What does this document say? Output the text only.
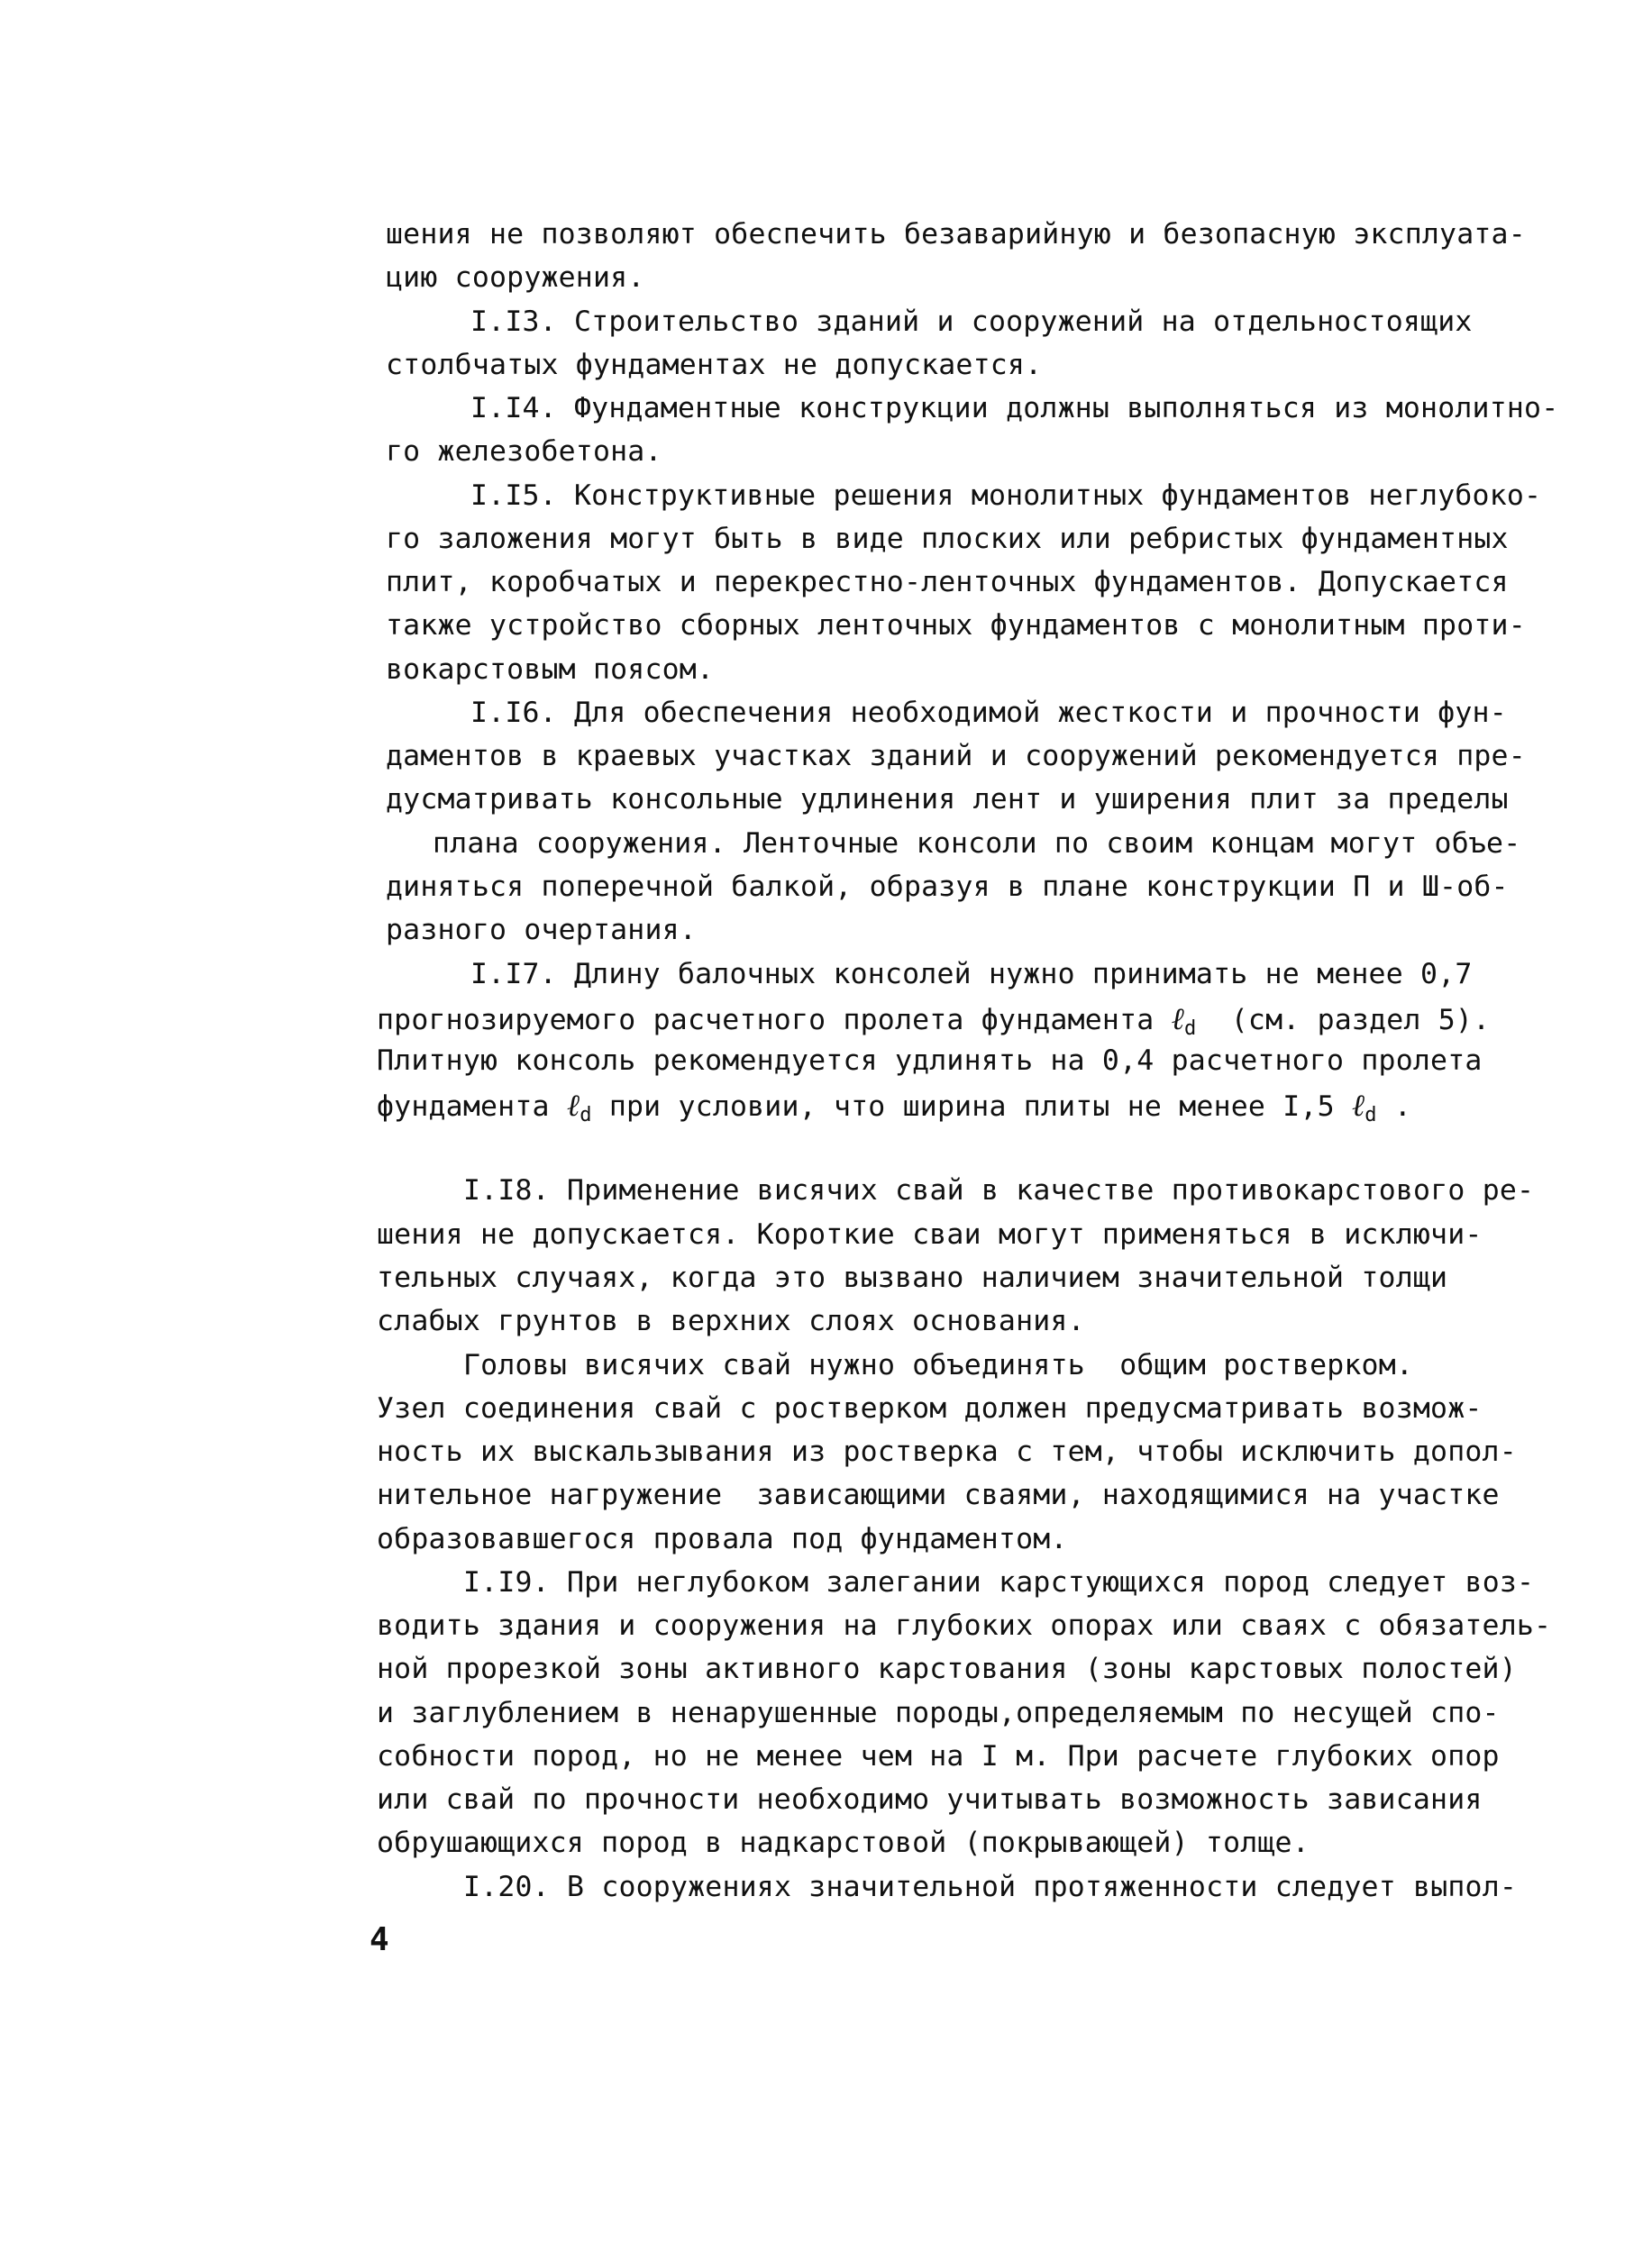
шения не позволяют обеспечить безаварийную и безопасную эксплуата-

цию сооружения.

I.I3. Строительство зданий и сооружений на отдельностоящих

столбчатых фундаментах не допускается.

I.I4. Фундаментные конструкции должны выполняться из монолитно-

го железобетона.

I.I5. Конструктивные решения монолитных фундаментов неглубоко-

го заложения могут быть в виде плоских или ребристых фундаментных

плит, коробчатых и перекрестно-ленточных фундаментов. Допускается

также устройство сборных ленточных фундаментов с монолитным проти-

вокарстовым поясом.

I.I6. Для обеспечения необходимой жесткости и прочности фун-

даментов в краевых участках зданий и сооружений рекомендуется пре-

дусматривать консольные удлинения лент и уширения плит за пределы

плана сооружения. Ленточные консоли по своим концам могут объе-

диняться поперечной балкой, образуя в плане конструкции П и Ш-об-

разного очертания.

I.I7. Длину балочных консолей нужно принимать не менее 0,7

прогнозируемого расчетного пролета фундамента ℓ$_d$ (см. раздел 5).

Плитную консоль рекомендуется удлинять на 0,4 расчетного пролета

фундамента ℓ$_d$ при условии, что ширина плиты не менее I,5 ℓ$_d$ .

I.I8. Применение висячих свай в качестве противокарстового ре-

шения не допускается. Короткие сваи могут применяться в исключи-

тельных случаях, когда это вызвано наличием значительной толщи

слабых грунтов в верхних слоях основания.

Головы висячих свай нужно объединять  общим ростверком.

Узел соединения свай с ростверком должен предусматривать возмож-

ность их выскальзывания из ростверка с тем, чтобы исключить допол-

нительное нагружение  зависающими сваями, находящимися на участке

образовавшегося провала под фундаментом.

I.I9. При неглубоком залегании карстующихся пород следует воз-

водить здания и сооружения на глубоких опорах или сваях с обязатель-

ной прорезкой зоны активного карстования (зоны карстовых полостей)

и заглублением в ненарушенные породы,определяемым по несущей спо-

собности пород, но не менее чем на I м. При расчете глубоких опор

или свай по прочности необходимо учитывать возможность зависания

обрушающихся пород в надкарстовой (покрывающей) толще.

I.20. В сооружениях значительной протяженности следует выпол-

4
